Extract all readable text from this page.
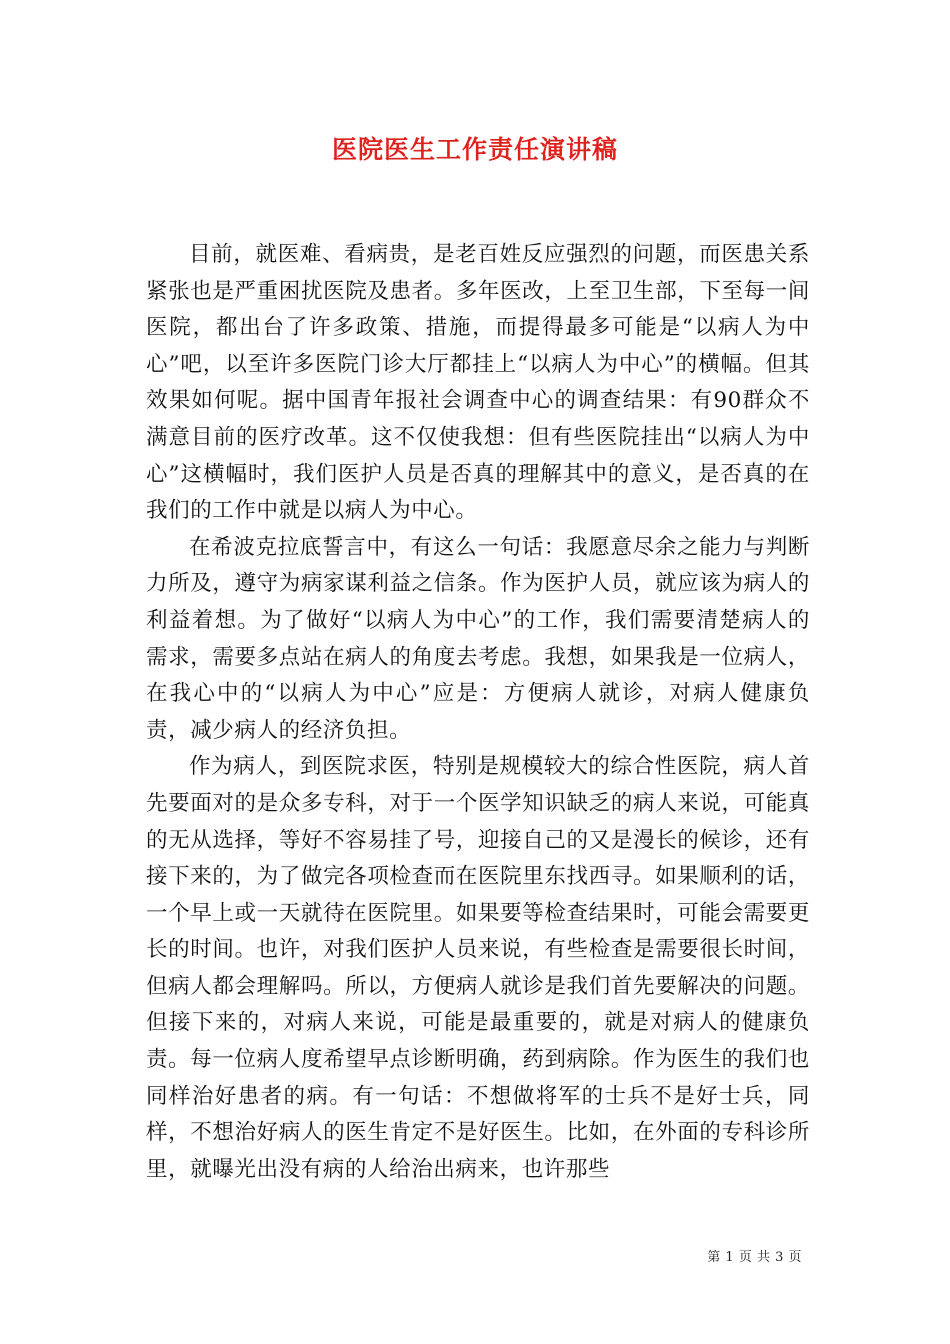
医院医生工作责任演讲稿

目前，就医难、看病贵，是老百姓反应强烈的问题，而医患关系紧张也是严重困扰医院及患者。多年医改，上至卫生部，下至每一间医院，都出台了许多政策、措施，而提得最多可能是“以病人为中心”吧，以至许多医院门诊大厅都挂上“以病人为中心”的横幅。但其效果如何呢。据中国青年报社会调查中心的调查结果：有90群众不满意目前的医疗改革。这不仅使我想：但有些医院挂出“以病人为中心”这横幅时，我们医护人员是否真的理解其中的意义，是否真的在我们的工作中就是以病人为中心。

在希波克拉底誓言中，有这么一句话：我愿意尽余之能力与判断力所及，遵守为病家谋利益之信条。作为医护人员，就应该为病人的利益着想。为了做好“以病人为中心”的工作，我们需要清楚病人的需求，需要多点站在病人的角度去考虑。我想，如果我是一位病人，在我心中的“以病人为中心”应是：方便病人就诊，对病人健康负责，减少病人的经济负担。

作为病人，到医院求医，特别是规模较大的综合性医院，病人首先要面对的是众多专科，对于一个医学知识缺乏的病人来说，可能真的无从选择，等好不容易挂了号，迎接自己的又是漫长的候诊，还有接下来的，为了做完各项检查而在医院里东找西寻。如果顺利的话，一个早上或一天就待在医院里。如果要等检查结果时，可能会需要更长的时间。也许，对我们医护人员来说，有些检查是需要很长时间，但病人都会理解吗。所以，方便病人就诊是我们首先要解决的问题。但接下来的，对病人来说，可能是最重要的，就是对病人的健康负责。每一位病人度希望早点诊断明确，药到病除。作为医生的我们也同样治好患者的病。有一句话：不想做将军的士兵不是好士兵，同样，不想治好病人的医生肯定不是好医生。比如，在外面的专科诊所里，就曝光出没有病的人给治出病来，也许那些

第 1 页 共 3 页
